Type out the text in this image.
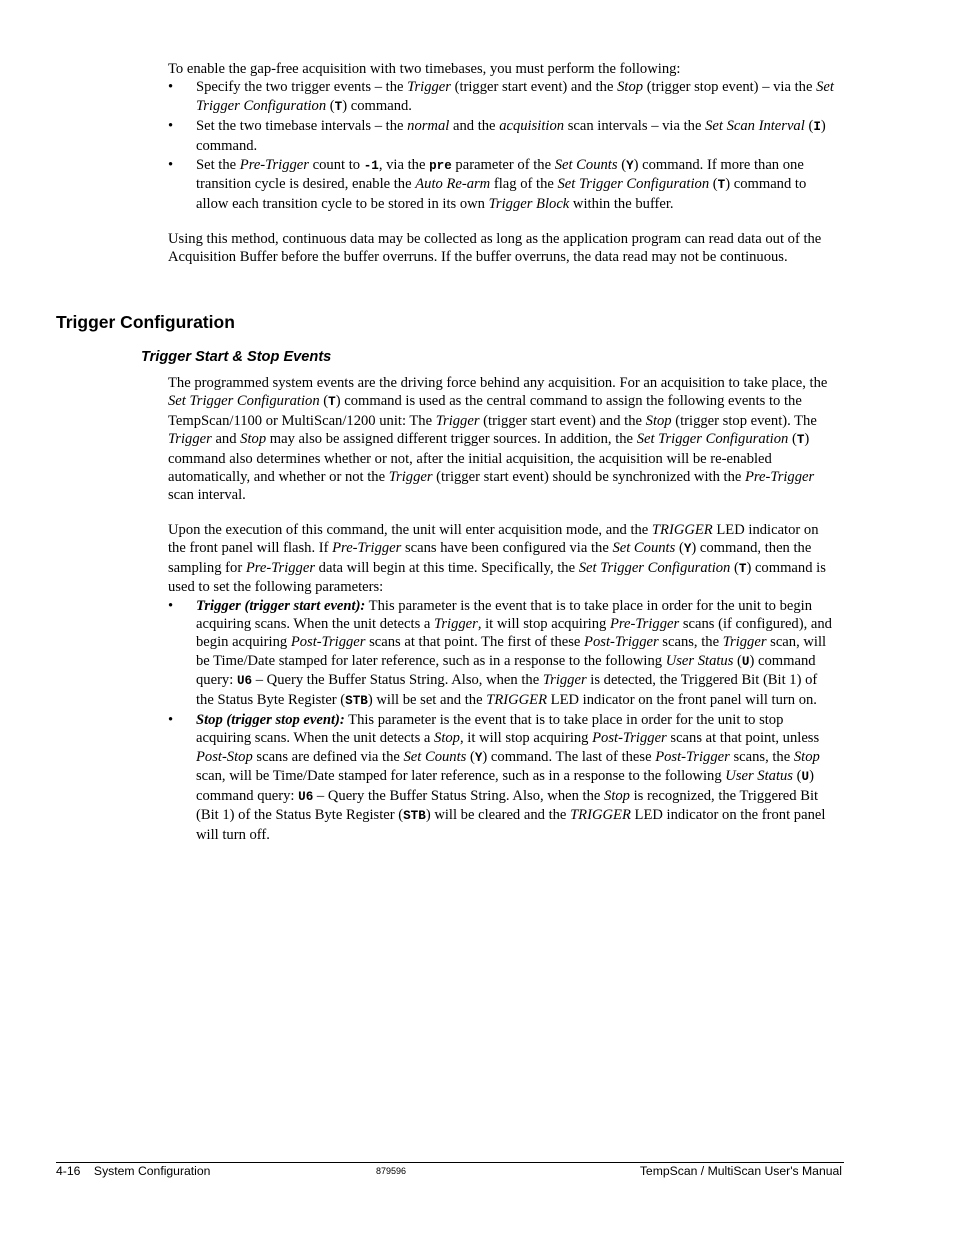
To enable the gap-free acquisition with two timebases, you must perform the following:

•	Specify the two trigger events – the Trigger (trigger start event) and the Stop (trigger stop event) – via the Set Trigger Configuration (T) command.
•	Set the two timebase intervals – the normal and the acquisition scan intervals – via the Set Scan Interval (I) command.
•	Set the Pre-Trigger count to -1, via the pre parameter of the Set Counts (Y) command. If more than one transition cycle is desired, enable the Auto Re-arm flag of the Set Trigger Configuration (T) command to allow each transition cycle to be stored in its own Trigger Block within the buffer.

Using this method, continuous data may be collected as long as the application program can read data out of the Acquisition Buffer before the buffer overruns. If the buffer overruns, the data read may not be continuous.

Trigger Configuration
Trigger Start & Stop Events

The programmed system events are the driving force behind any acquisition. For an acquisition to take place, the Set Trigger Configuration (T) command is used as the central command to assign the following events to the TempScan/1100 or MultiScan/1200 unit: The Trigger (trigger start event) and the Stop (trigger stop event). The Trigger and Stop may also be assigned different trigger sources. In addition, the Set Trigger Configuration (T) command also determines whether or not, after the initial acquisition, the acquisition will be re-enabled automatically, and whether or not the Trigger (trigger start event) should be synchronized with the Pre-Trigger scan interval.

Upon the execution of this command, the unit will enter acquisition mode, and the TRIGGER LED indicator on the front panel will flash. If Pre-Trigger scans have been configured via the Set Counts (Y) command, then the sampling for Pre-Trigger data will begin at this time. Specifically, the Set Trigger Configuration (T) command is used to set the following parameters:

•	Trigger (trigger start event): This parameter is the event that is to take place in order for the unit to begin acquiring scans. When the unit detects a Trigger, it will stop acquiring Pre-Trigger scans (if configured), and begin acquiring Post-Trigger scans at that point. The first of these Post-Trigger scans, the Trigger scan, will be Time/Date stamped for later reference, such as in a response to the following User Status (U) command query: U6 – Query the Buffer Status String. Also, when the Trigger is detected, the Triggered Bit (Bit 1) of the Status Byte Register (STB) will be set and the TRIGGER LED indicator on the front panel will turn on.
•	Stop (trigger stop event): This parameter is the event that is to take place in order for the unit to stop acquiring scans. When the unit detects a Stop, it will stop acquiring Post-Trigger scans at that point, unless Post-Stop scans are defined via the Set Counts (Y) command. The last of these Post-Trigger scans, the Stop scan, will be Time/Date stamped for later reference, such as in a response to the following User Status (U) command query: U6 – Query the Buffer Status String. Also, when the Stop is recognized, the Triggered Bit (Bit 1) of the Status Byte Register (STB) will be cleared and the TRIGGER LED indicator on the front panel will turn off.
4-16    System Configuration	879596	TempScan / MultiScan User's Manual
